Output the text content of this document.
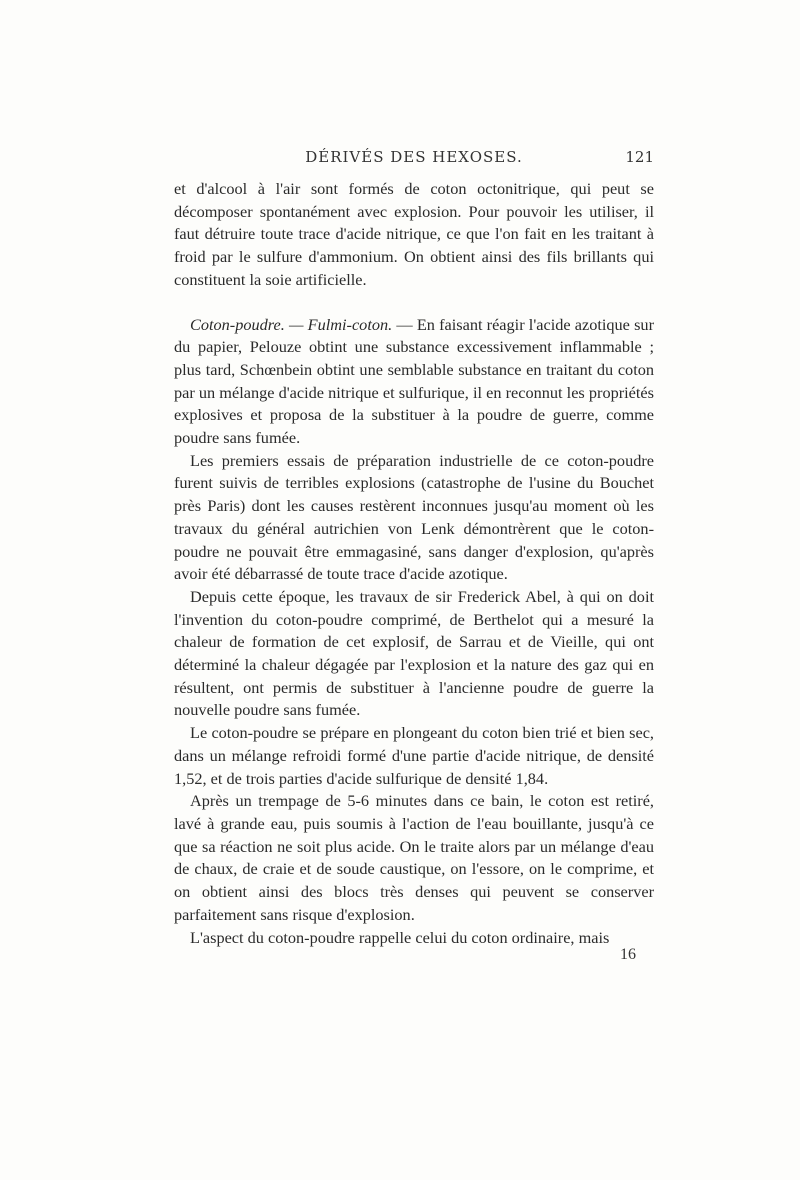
DÉRIVÉS DES HEXOSES.	121

et d'alcool à l'air sont formés de coton octonitrique, qui peut se décomposer spontanément avec explosion. Pour pouvoir les utiliser, il faut détruire toute trace d'acide nitrique, ce que l'on fait en les traitant à froid par le sulfure d'ammonium. On obtient ainsi des fils brillants qui constituent la soie artificielle.

Coton-poudre. — Fulmi-coton. — En faisant réagir l'acide azotique sur du papier, Pelouze obtint une substance excessivement inflammable ; plus tard, Schœnbein obtint une semblable substance en traitant du coton par un mélange d'acide nitrique et sulfurique, il en reconnut les propriétés explosives et proposa de la substituer à la poudre de guerre, comme poudre sans fumée.

Les premiers essais de préparation industrielle de ce coton-poudre furent suivis de terribles explosions (catastrophe de l'usine du Bouchet près Paris) dont les causes restèrent inconnues jusqu'au moment où les travaux du général autrichien von Lenk démontrèrent que le coton-poudre ne pouvait être emmagasiné, sans danger d'explosion, qu'après avoir été débarrassé de toute trace d'acide azotique.

Depuis cette époque, les travaux de sir Frederick Abel, à qui on doit l'invention du coton-poudre comprimé, de Berthelot qui a mesuré la chaleur de formation de cet explosif, de Sarrau et de Vieille, qui ont déterminé la chaleur dégagée par l'explosion et la nature des gaz qui en résultent, ont permis de substituer à l'ancienne poudre de guerre la nouvelle poudre sans fumée.

Le coton-poudre se prépare en plongeant du coton bien trié et bien sec, dans un mélange refroidi formé d'une partie d'acide nitrique, de densité 1,52, et de trois parties d'acide sulfurique de densité 1,84.

Après un trempage de 5-6 minutes dans ce bain, le coton est retiré, lavé à grande eau, puis soumis à l'action de l'eau bouillante, jusqu'à ce que sa réaction ne soit plus acide. On le traite alors par un mélange d'eau de chaux, de craie et de soude caustique, on l'essore, on le comprime, et on obtient ainsi des blocs très denses qui peuvent se conserver parfaitement sans risque d'explosion.

L'aspect du coton-poudre rappelle celui du coton ordinaire, mais

16
